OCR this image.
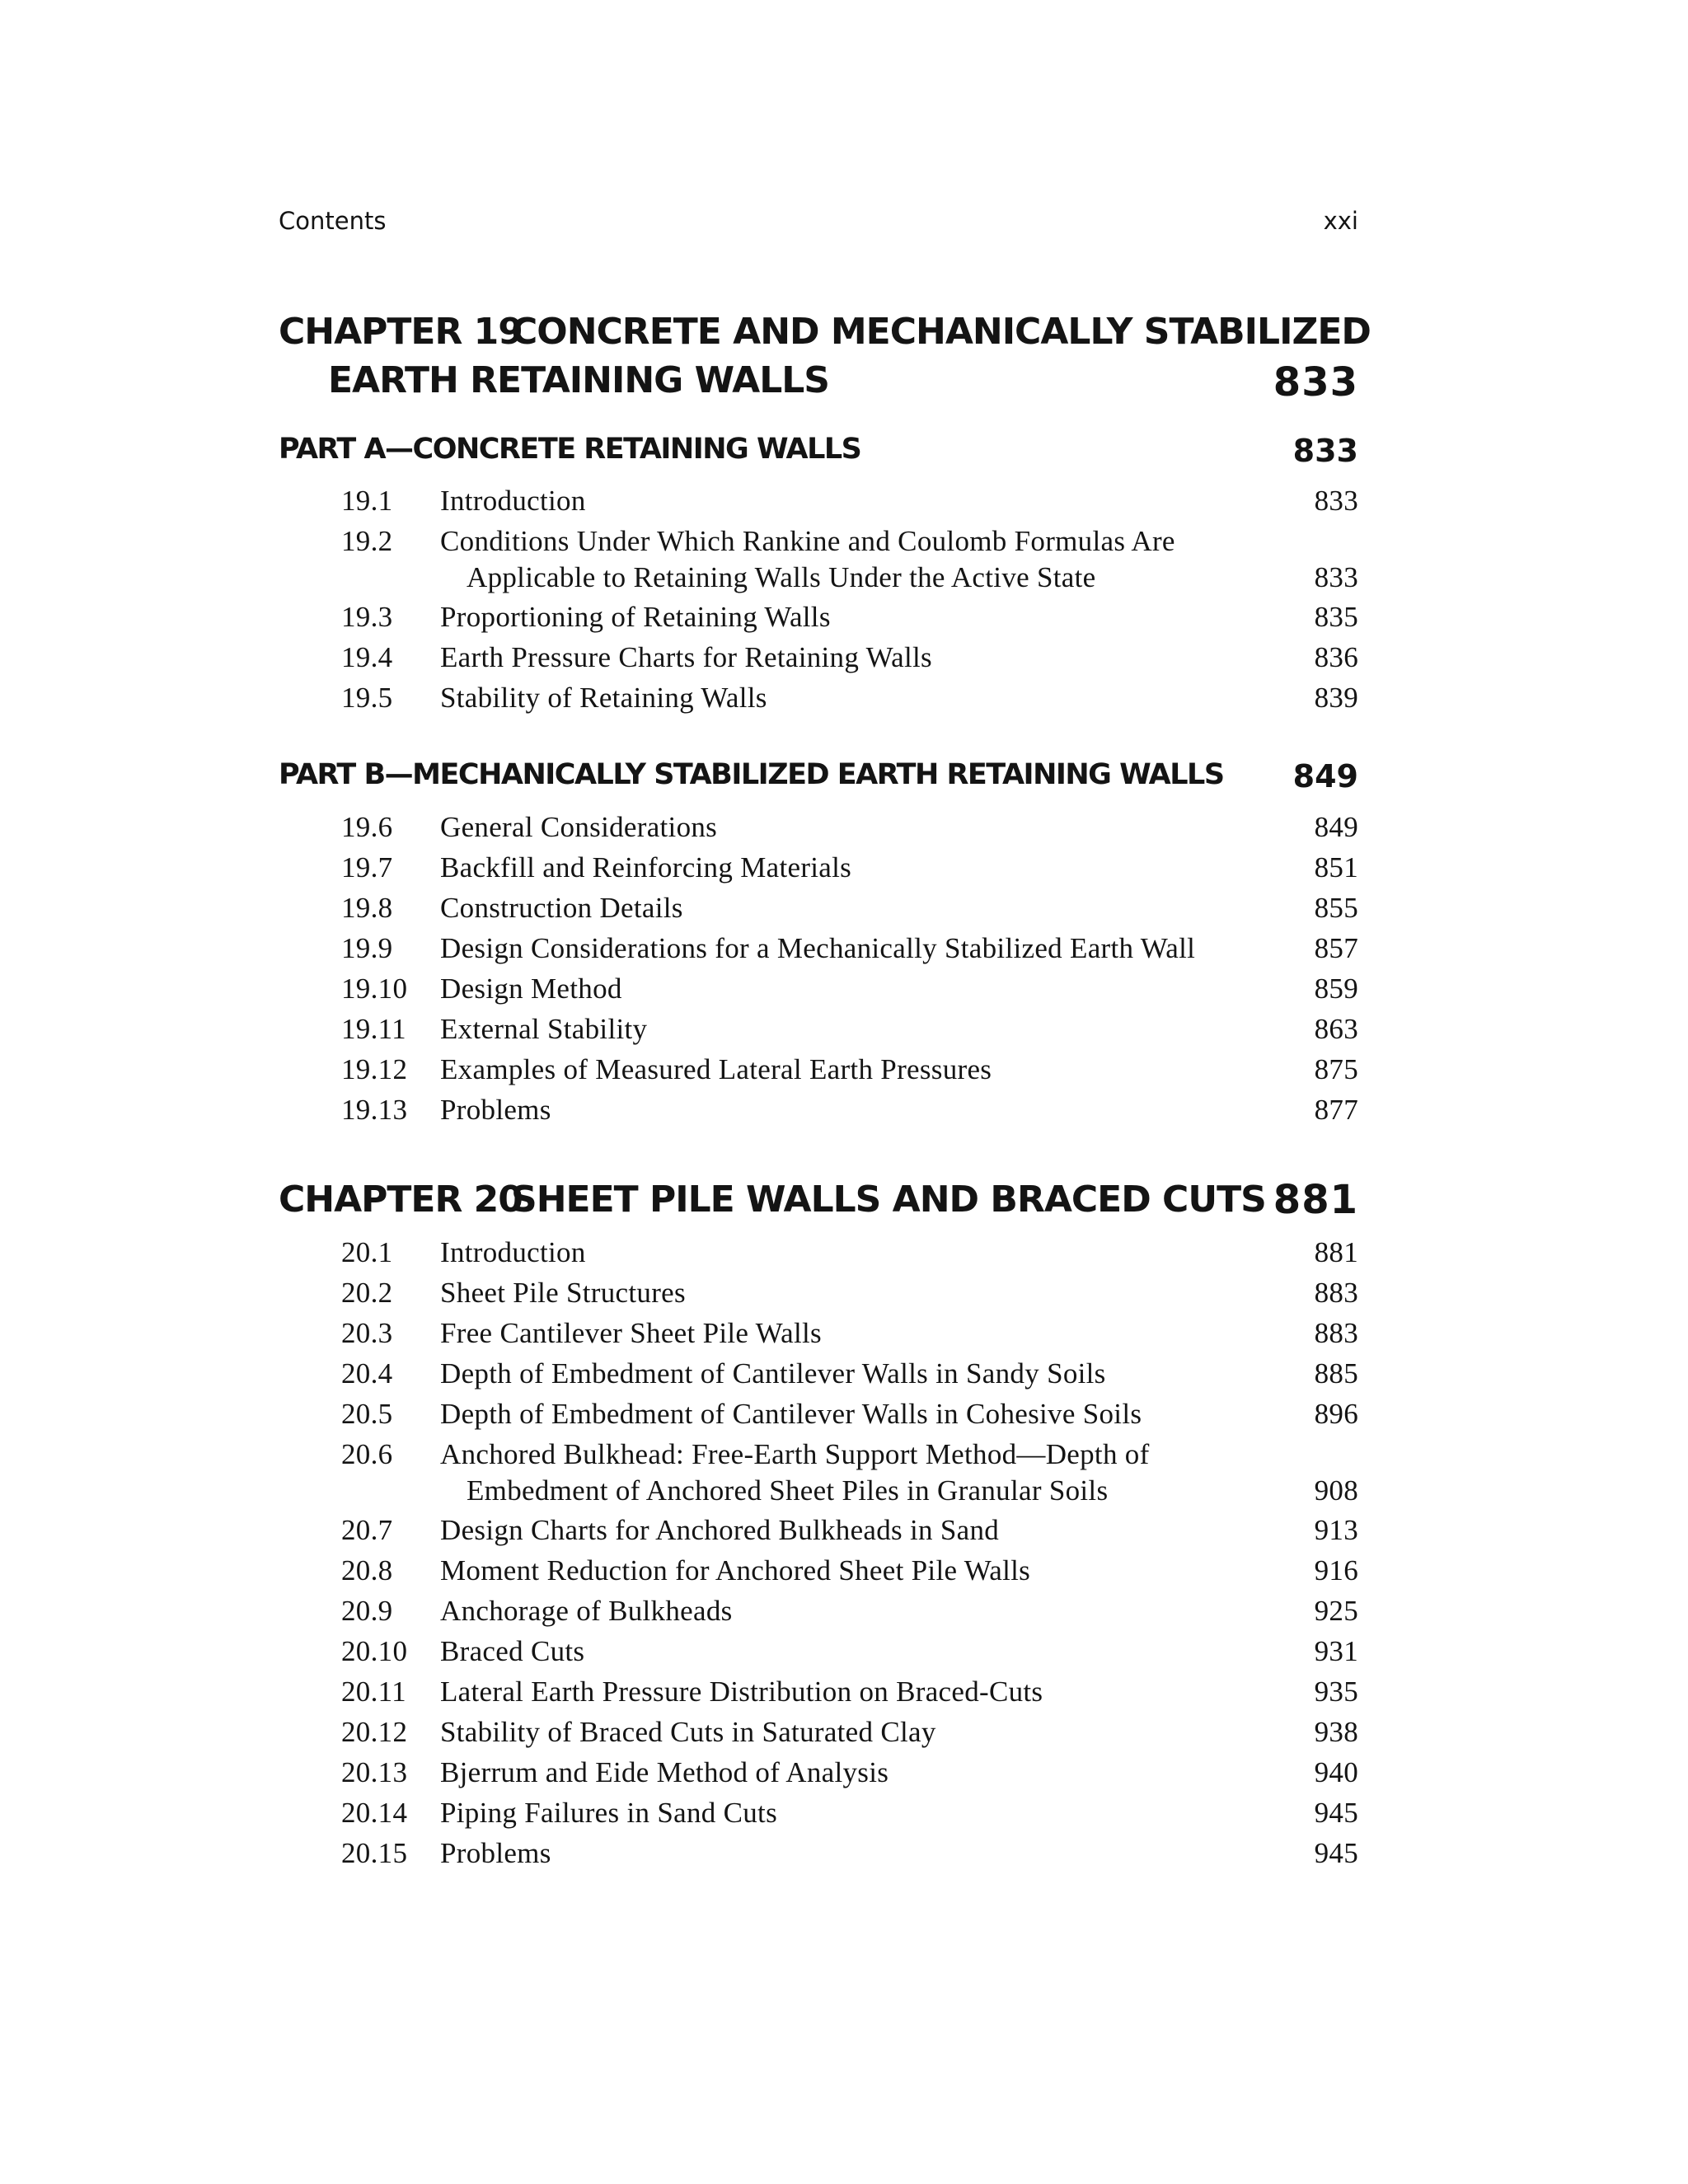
Contents	xxi
CHAPTER 19
CONCRETE AND MECHANICALLY STABILIZED
EARTH RETAINING WALLS	833
PART A—CONCRETE RETAINING WALLS	833
19.1 Introduction	833
19.2 Conditions Under Which Rankine and Coulomb Formulas Are
Applicable to Retaining Walls Under the Active State	833
19.3 Proportioning of Retaining Walls	835
19.4 Earth Pressure Charts for Retaining Walls	836
19.5 Stability of Retaining Walls	839
PART B—MECHANICALLY STABILIZED EARTH RETAINING WALLS 849
19.6 General Considerations	849
19.7 Backfill and Reinforcing Materials	851
19.8 Construction Details	855
19.9 Design Considerations for a Mechanically Stabilized Earth Wall	857
19.10 Design Method	859
19.11 External Stability	863
19.12 Examples of Measured Lateral Earth Pressures	875
19.13 Problems	877
CHAPTER 20
SHEET PILE WALLS AND BRACED CUTS 881
20.1 Introduction	881
20.2 Sheet Pile Structures	883
20.3 Free Cantilever Sheet Pile Walls	883
20.4 Depth of Embedment of Cantilever Walls in Sandy Soils	885
20.5 Depth of Embedment of Cantilever Walls in Cohesive Soils	896
20.6 Anchored Bulkhead: Free-Earth Support Method—Depth of
Embedment of Anchored Sheet Piles in Granular Soils	908
20.7 Design Charts for Anchored Bulkheads in Sand	913
20.8 Moment Reduction for Anchored Sheet Pile Walls	916
20.9 Anchorage of Bulkheads	925
20.10 Braced Cuts	931
20.11 Lateral Earth Pressure Distribution on Braced-Cuts	935
20.12 Stability of Braced Cuts in Saturated Clay	938
20.13 Bjerrum and Eide Method of Analysis	940
20.14 Piping Failures in Sand Cuts	945
20.15 Problems	945
